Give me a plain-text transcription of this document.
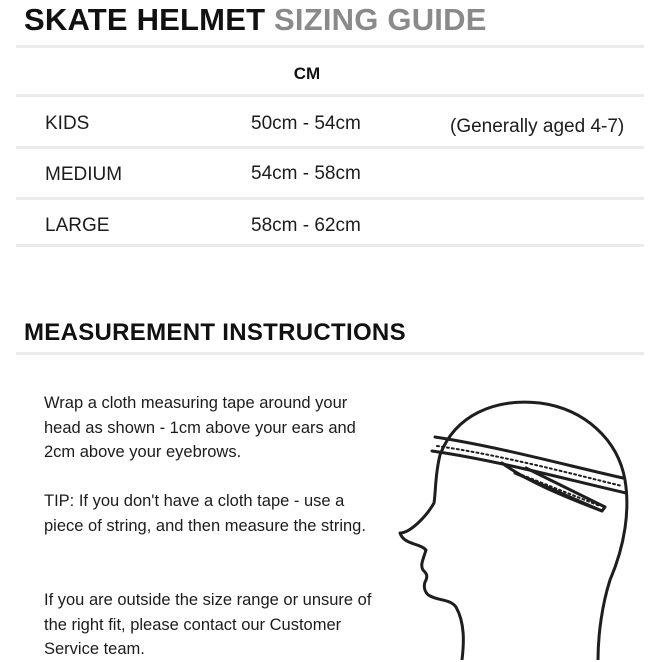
SKATE HELMET SIZING GUIDE
CM
KIDS	50cm - 54cm	(Generally aged 4-7)
MEDIUM	54cm - 58cm
LARGE	58cm - 62cm
MEASUREMENT INSTRUCTIONS

Wrap a cloth measuring tape around your head as shown - 1cm above your ears and 2cm above your eyebrows.

TIP: If you don't have a cloth tape - use a piece of string, and then measure the string.

If you are outside the size range or unsure of the right fit, please contact our Customer Service team.
